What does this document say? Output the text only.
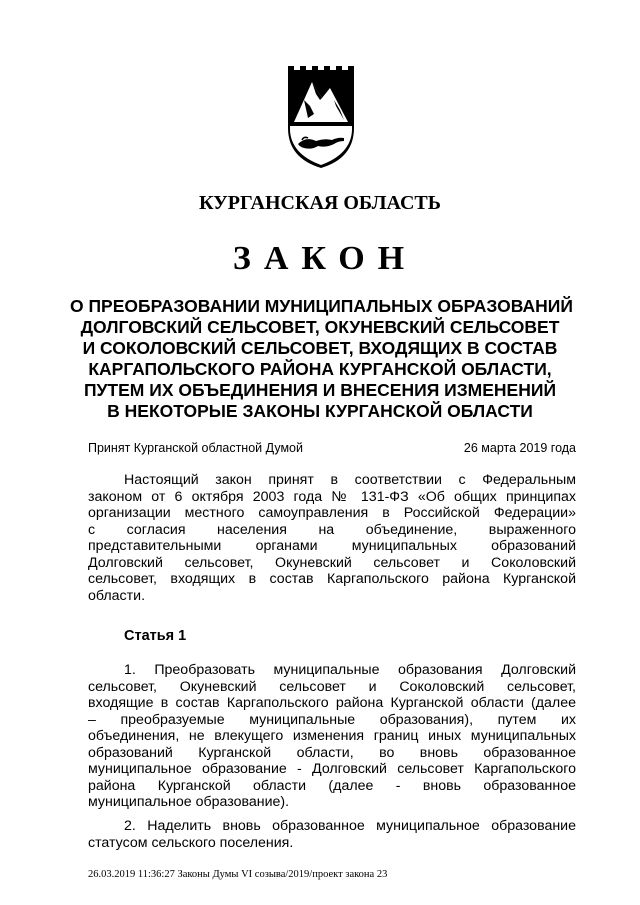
КУРГАНСКАЯ ОБЛАСТЬ
ЗАКОН
О ПРЕОБРАЗОВАНИИ МУНИЦИПАЛЬНЫХ ОБРАЗОВАНИЙ
ДОЛГОВСКИЙ СЕЛЬСОВЕТ, ОКУНЕВСКИЙ СЕЛЬСОВЕТ
И СОКОЛОВСКИЙ СЕЛЬСОВЕТ, ВХОДЯЩИХ В СОСТАВ
КАРГАПОЛЬСКОГО РАЙОНА КУРГАНСКОЙ ОБЛАСТИ,
ПУТЕМ ИХ ОБЪЕДИНЕНИЯ И ВНЕСЕНИЯ ИЗМЕНЕНИЙ
В НЕКОТОРЫЕ ЗАКОНЫ КУРГАНСКОЙ ОБЛАСТИ
Принят Курганской областной Думой	26 марта 2019 года
Настоящий закон принят в соответствии с Федеральным
законом от 6 октября 2003 года № 131-ФЗ «Об общих принципах
организации местного самоуправления в Российской Федерации»
с согласия населения на объединение, выраженного
представительными органами муниципальных образований
Долговский сельсовет, Окуневский сельсовет и Соколовский
сельсовет, входящих в состав Каргапольского района Курганской
области.
Статья 1
1. Преобразовать муниципальные образования Долговский
сельсовет, Окуневский сельсовет и Соколовский сельсовет,
входящие в состав Каргапольского района Курганской области (далее
– преобразуемые муниципальные образования), путем их
объединения, не влекущего изменения границ иных муниципальных
образований Курганской области, во вновь образованное
муниципальное образование - Долговский сельсовет Каргапольского
района Курганской области (далее - вновь образованное
муниципальное образование).
2. Наделить вновь образованное муниципальное образование
статусом сельского поселения.
26.03.2019 11:36:27 Законы Думы VI созыва/2019/проект закона 23
